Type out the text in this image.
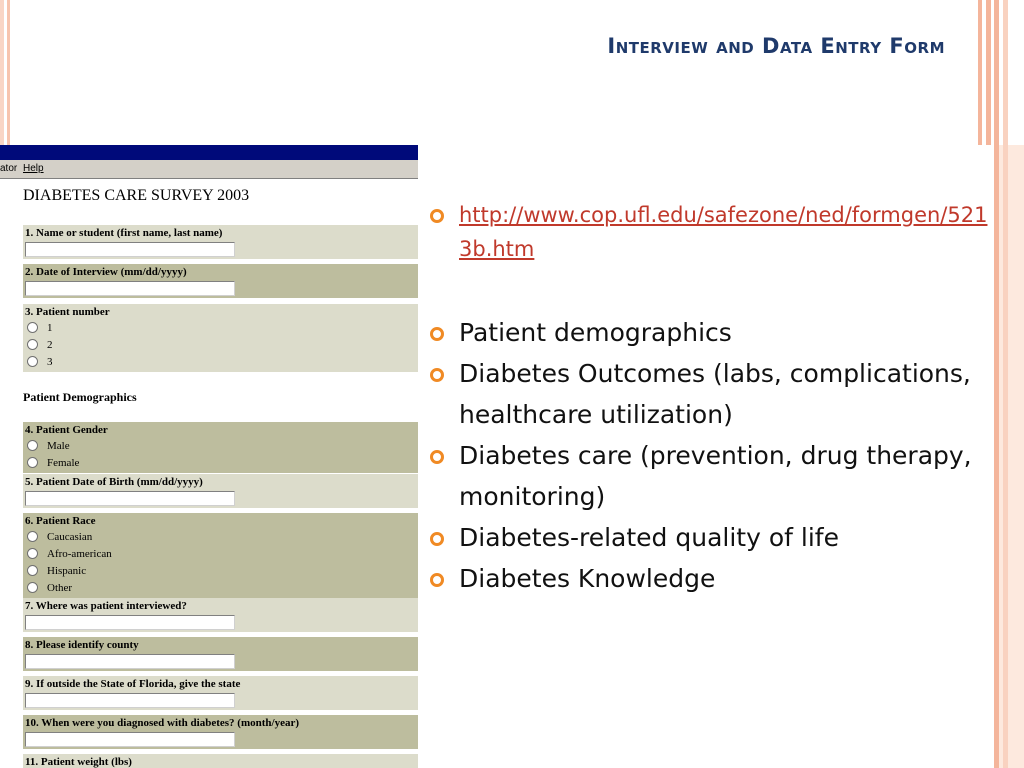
Interview and Data Entry Form
ator Help
DIABETES CARE SURVEY 2003
1. Name or student (first name, last name)
2. Date of Interview (mm/dd/yyyy)
3. Patient number
1
2
3
Patient Demographics
4. Patient Gender
Male
Female
5. Patient Date of Birth (mm/dd/yyyy)
6. Patient Race
Caucasian
Afro-american
Hispanic
Other
7. Where was patient interviewed?
8. Please identify county
9. If outside the State of Florida, give the state
10. When were you diagnosed with diabetes? (month/year)
11. Patient weight (lbs)
http://www.cop.ufl.edu/safezone/ned/formgen/5213b.htm
Patient demographics
Diabetes Outcomes (labs, complications, healthcare utilization)
Diabetes care (prevention, drug therapy, monitoring)
Diabetes-related quality of life
Diabetes Knowledge
